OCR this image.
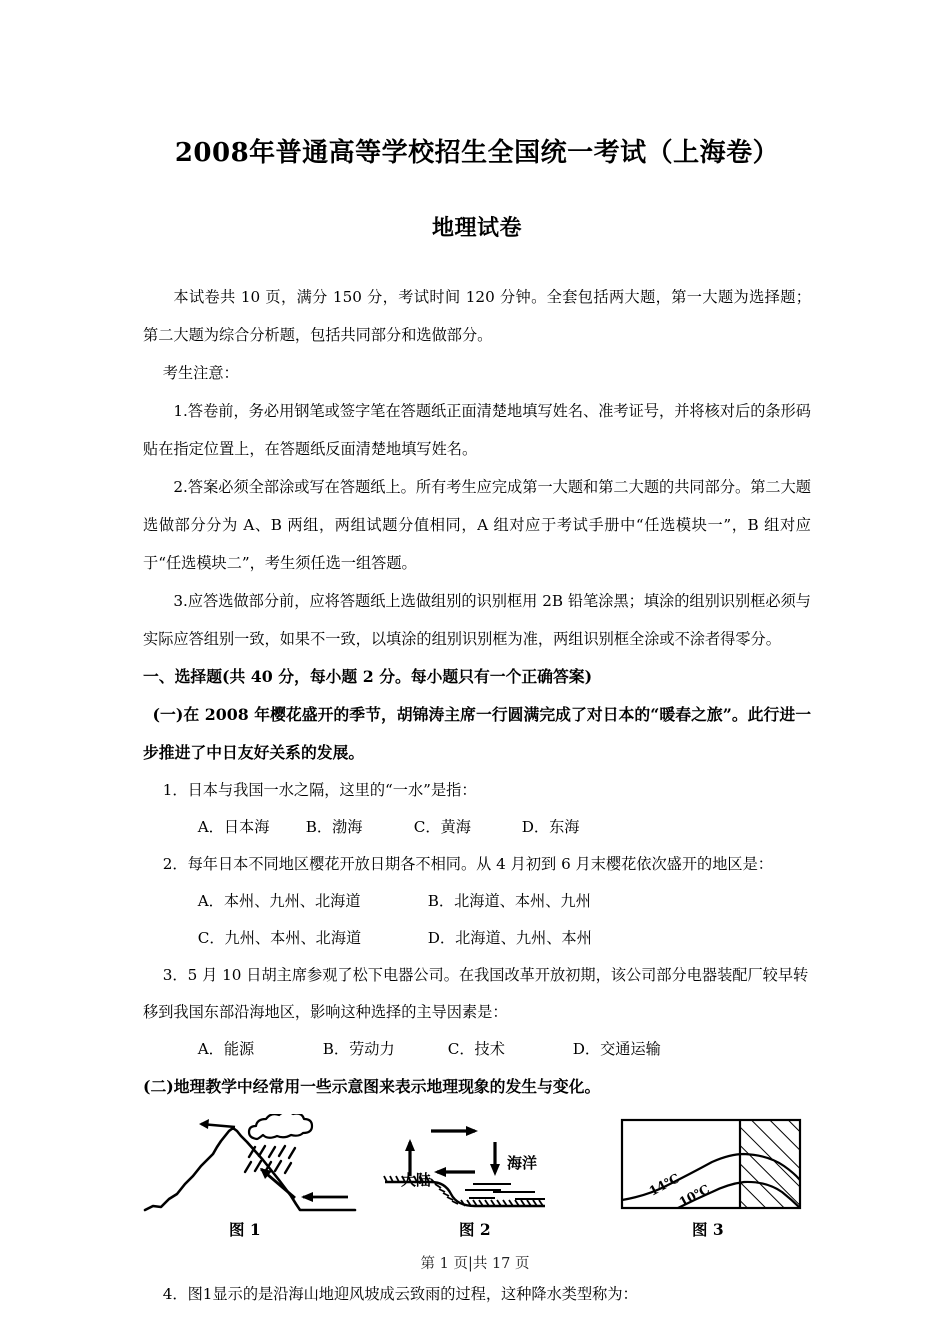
2008年普通高等学校招生全国统一考试（上海卷）
地理试卷

本试卷共 10 页，满分 150 分，考试时间 120 分钟。全套包括两大题，第一大题为选择题；第二大题为综合分析题，包括共同部分和选做部分。

考生注意：

1.答卷前，务必用钢笔或签字笔在答题纸正面清楚地填写姓名、准考证号，并将核对后的条形码贴在指定位置上，在答题纸反面清楚地填写姓名。

2.答案必须全部涂或写在答题纸上。所有考生应完成第一大题和第二大题的共同部分。第二大题选做部分分为 A、B 两组，两组试题分值相同，A 组对应于考试手册中“任选模块一”，B 组对应于“任选模块二”，考生须任选一组答题。

3.应答选做部分前，应将答题纸上选做组别的识别框用 2B 铅笔涂黑；填涂的组别识别框必须与实际应答组别一致，如果不一致，以填涂的组别识别框为准，两组识别框全涂或不涂者得零分。

一、选择题(共 40 分，每小题 2 分。每小题只有一个正确答案)

(一)在 2008 年樱花盛开的季节，胡锦涛主席一行圆满完成了对日本的“暖春之旅”。此行进一步推进了中日友好关系的发展。

1．日本与我国一水之隔，这里的“一水”是指：

A．日本海 B．渤海	C．黄海	D．东海

2．每年日本不同地区樱花开放日期各不相同。从 4 月初到 6 月末樱花依次盛开的地区是：

A．本州、九州、北海道	B．北海道、本州、九州

C．九州、本州、北海道	D．北海道、九州、本州

3．5 月 10 日胡主席参观了松下电器公司。在我国改革开放初期，该公司部分电器装配厂较早转移到我国东部沿海地区，影响这种选择的主导因素是：

A．能源	B．劳动力	C．技术	D．交通运输

(二)地理教学中经常用一些示意图来表示地理现象的发生与变化。

图 1
大陆
海洋
图 2
14℃
10℃
图 3

4．图1显示的是沿海山地迎风坡成云致雨的过程，这种降水类型称为：

第 1 页|共 17 页
